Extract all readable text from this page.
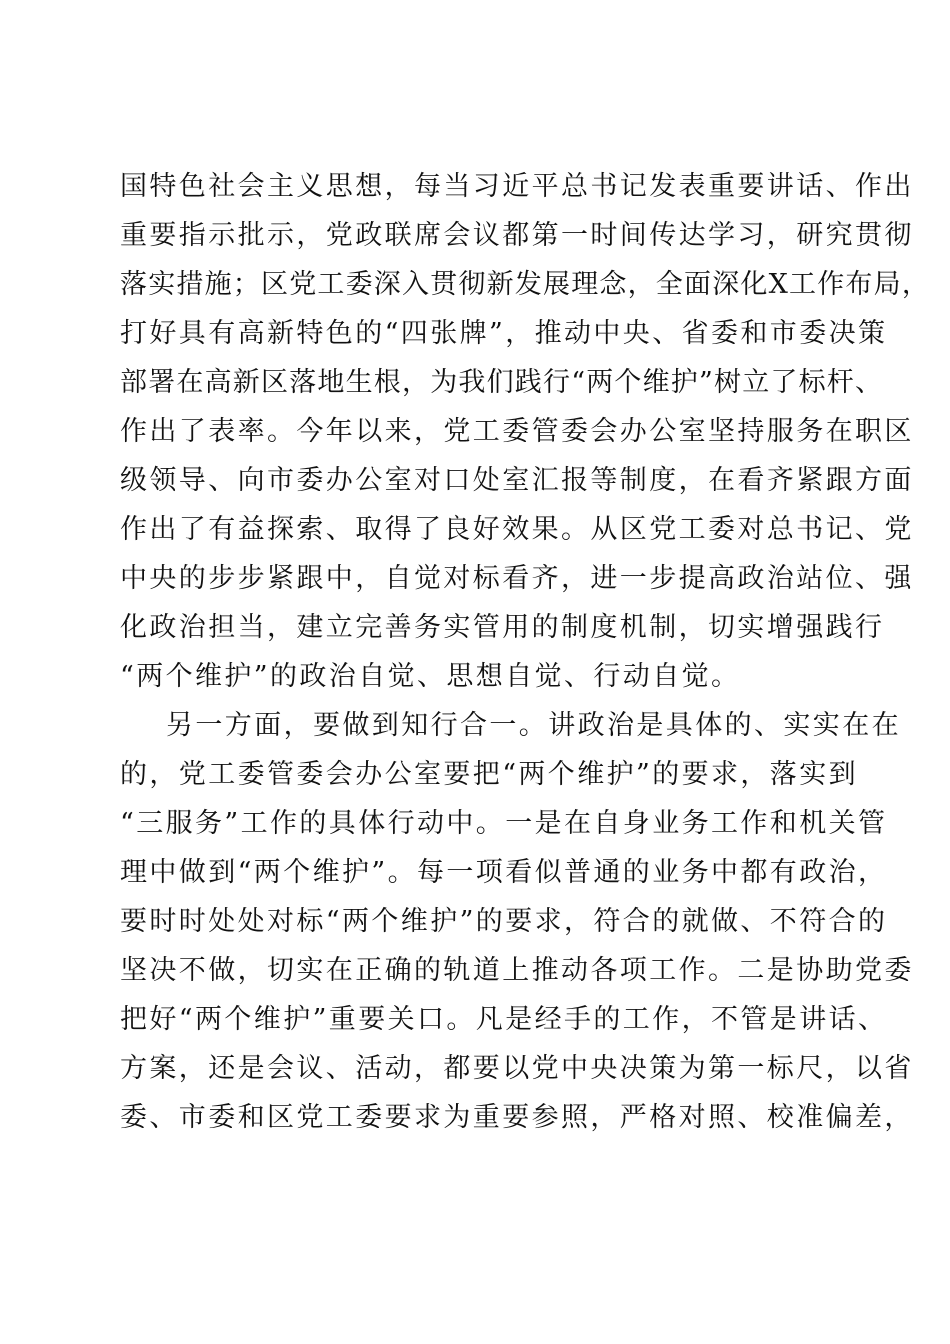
国特色社会主义思想，每当习近平总书记发表重要讲话、作出
重要指示批示，党政联席会议都第一时间传达学习，研究贯彻
落实措施；区党工委深入贯彻新发展理念，全面深化X工作布局，
打好具有高新特色的“四张牌”，推动中央、省委和市委决策
部署在高新区落地生根，为我们践行“两个维护”树立了标杆、
作出了表率。今年以来，党工委管委会办公室坚持服务在职区
级领导、向市委办公室对口处室汇报等制度，在看齐紧跟方面
作出了有益探索、取得了良好效果。从区党工委对总书记、党
中央的步步紧跟中，自觉对标看齐，进一步提高政治站位、强
化政治担当，建立完善务实管用的制度机制，切实增强践行
“两个维护”的政治自觉、思想自觉、行动自觉。
另一方面，要做到知行合一。讲政治是具体的、实实在在
的，党工委管委会办公室要把“两个维护”的要求，落实到
“三服务”工作的具体行动中。一是在自身业务工作和机关管
理中做到“两个维护”。每一项看似普通的业务中都有政治，
要时时处处对标“两个维护”的要求，符合的就做、不符合的
坚决不做，切实在正确的轨道上推动各项工作。二是协助党委
把好“两个维护”重要关口。凡是经手的工作，不管是讲话、
方案，还是会议、活动，都要以党中央决策为第一标尺，以省
委、市委和区党工委要求为重要参照，严格对照、校准偏差，
